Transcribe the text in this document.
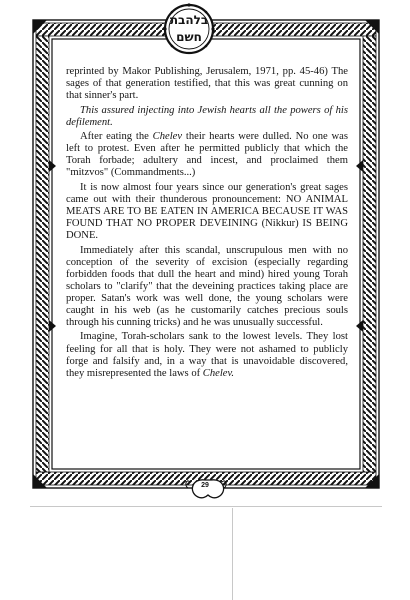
בלהבת
חשם

reprinted by Makor Publishing, Jerusalem, 1971, pp. 45-46) The sages of that generation testified, that this was great cunning on that sinner's part.

This assured injecting into Jewish hearts all the powers of his defilement.

After eating the Chelev their hearts were dulled. No one was left to protest. Even after he permitted publicly that which the Torah forbade; adultery and incest, and proclaimed them "mitzvos" (Commandments...)

It is now almost four years since our generation's great sages came out with their thunderous pronouncement: NO ANIMAL MEATS ARE TO BE EATEN IN AMERICA BECAUSE IT WAS FOUND THAT NO PROPER DEVEINING (Nikkur) IS BEING DONE.

Immediately after this scandal, unscrupulous men with no conception of the severity of excision (especially regarding forbidden foods that dull the heart and mind) hired young Torah scholars to "clarify" that the deveining practices taking place are proper. Satan's work was well done, the young scholars were caught in his web (as he customarily catches precious souls through his cunning tricks) and he was unusually successful.

Imagine, Torah-scholars sank to the lowest levels. They lost feeling for all that is holy. They were not ashamed to publicly forge and falsify and, in a way that is unavoidable discovered, they misrepresented the laws of Chelev.

29
